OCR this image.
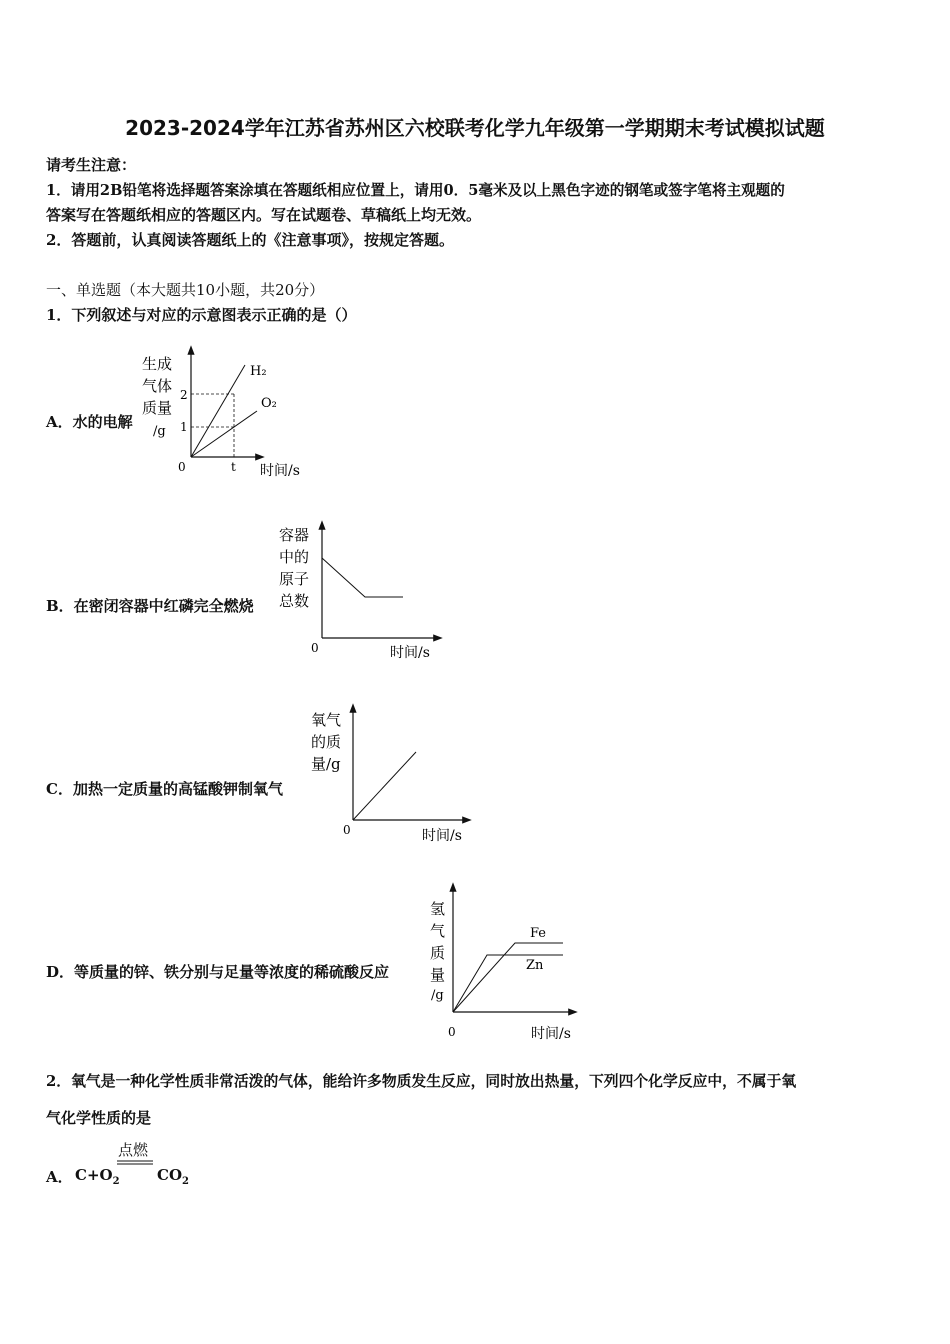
2023-2024学年江苏省苏州区六校联考化学九年级第一学期期末考试模拟试题
请考生注意：
1．请用2B铅笔将选择题答案涂填在答题纸相应位置上，请用0．5毫米及以上黑色字迹的钢笔或签字笔将主观题的
答案写在答题纸相应的答题区内。写在试题卷、草稿纸上均无效。
2．答题前，认真阅读答题纸上的《注意事项》，按规定答题。
一、单选题（本大题共10小题，共20分）
1．下列叙述与对应的示意图表示正确的是（）
A．水的电解
生成
气体
质量
/g
2
1
0	t 时间/s
H₂
O₂
B．在密闭容器中红磷完全燃烧
容器
中的
原子
总数
0	时间/s
C．加热一定质量的高锰酸钾制氧气
氧气
的质
量/g
0	时间/s
D．等质量的锌、铁分别与足量等浓度的稀硫酸反应
氢
气
质
量
/g
0	时间/s
Fe
Zn
2．氧气是一种化学性质非常活泼的气体，能给许多物质发生反应，同时放出热量，下列四个化学反应中，不属于氧
气化学性质的是
A． $C+O_2$
点燃
$CO_2$
